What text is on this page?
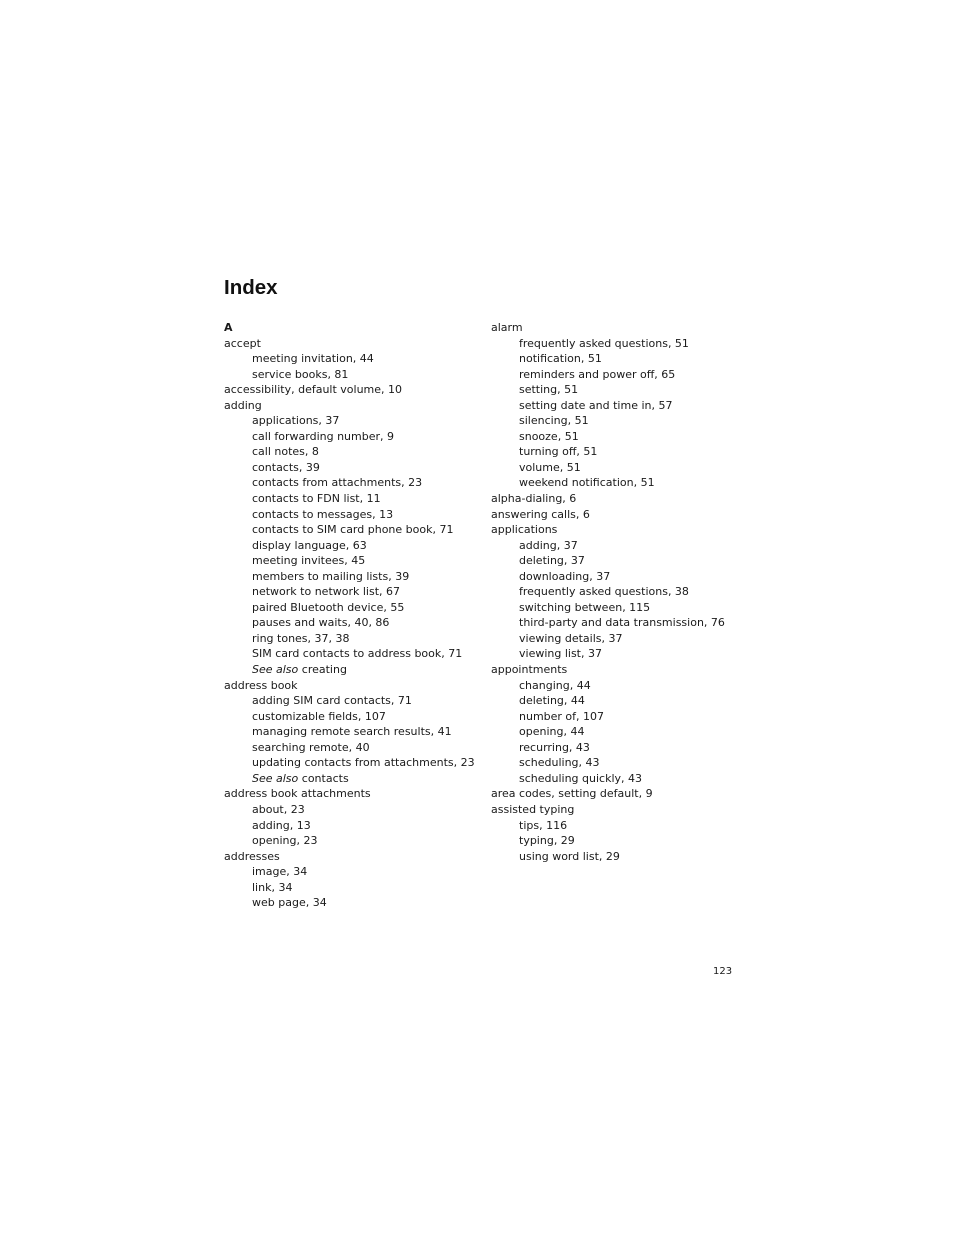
Index
A
accept
meeting invitation, 44
service books, 81
accessibility, default volume, 10
adding
applications, 37
call forwarding number, 9
call notes, 8
contacts, 39
contacts from attachments, 23
contacts to FDN list, 11
contacts to messages, 13
contacts to SIM card phone book, 71
display language, 63
meeting invitees, 45
members to mailing lists, 39
network to network list, 67
paired Bluetooth device, 55
pauses and waits, 40, 86
ring tones, 37, 38
SIM card contacts to address book, 71
See also creating
address book
adding SIM card contacts, 71
customizable fields, 107
managing remote search results, 41
searching remote, 40
updating contacts from attachments, 23
See also contacts
address book attachments
about, 23
adding, 13
opening, 23
addresses
image, 34
link, 34
web page, 34
alarm
frequently asked questions, 51
notification, 51
reminders and power off, 65
setting, 51
setting date and time in, 57
silencing, 51
snooze, 51
turning off, 51
volume, 51
weekend notification, 51
alpha-dialing, 6
answering calls, 6
applications
adding, 37
deleting, 37
downloading, 37
frequently asked questions, 38
switching between, 115
third-party and data transmission, 76
viewing details, 37
viewing list, 37
appointments
changing, 44
deleting, 44
number of, 107
opening, 44
recurring, 43
scheduling, 43
scheduling quickly, 43
area codes, setting default, 9
assisted typing
tips, 116
typing, 29
using word list, 29
123
